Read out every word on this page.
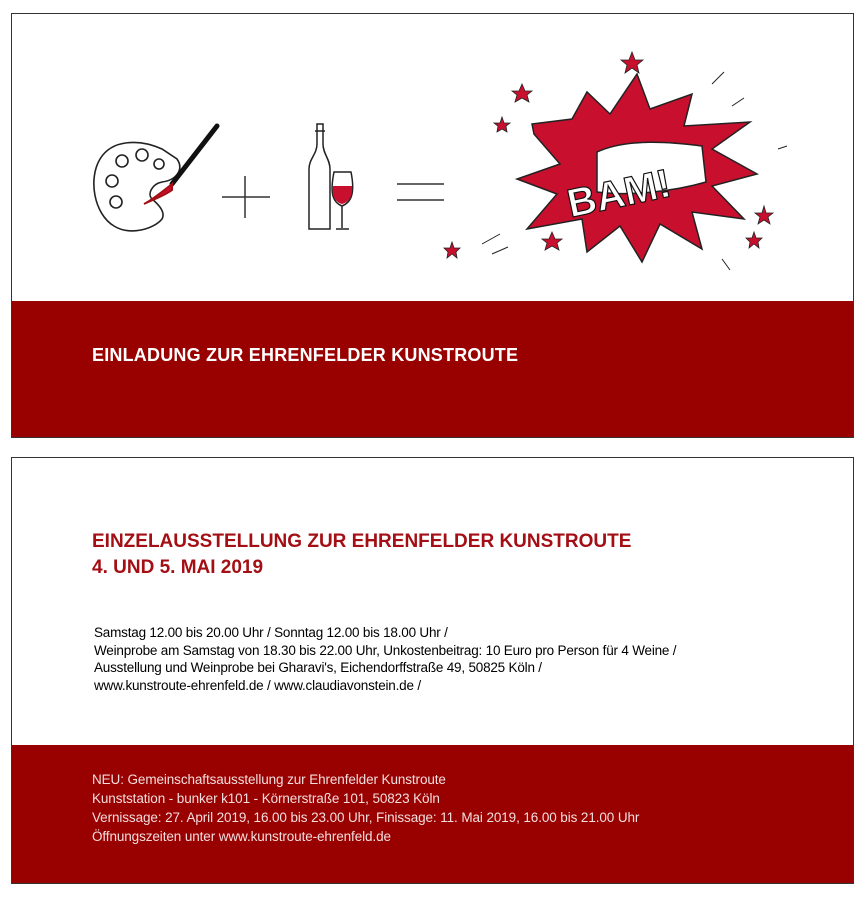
BAM!
EINLADUNG ZUR EHRENFELDER KUNSTROUTE
EINZELAUSSTELLUNG ZUR EHRENFELDER KUNSTROUTE
4. UND 5. MAI 2019
Samstag 12.00 bis 20.00 Uhr / Sonntag 12.00 bis 18.00 Uhr /
Weinprobe am Samstag von 18.30 bis 22.00 Uhr, Unkostenbeitrag: 10 Euro pro Person für 4 Weine /
Ausstellung und Weinprobe bei Gharavi's, Eichendorffstraße 49, 50825 Köln /
www.kunstroute-ehrenfeld.de / www.claudiavonstein.de /
NEU: Gemeinschaftsausstellung zur Ehrenfelder Kunstroute
Kunststation - bunker k101 - Körnerstraße 101, 50823 Köln
Vernissage: 27. April 2019, 16.00 bis 23.00 Uhr, Finissage: 11. Mai 2019, 16.00 bis 21.00 Uhr
Öffnungszeiten unter www.kunstroute-ehrenfeld.de
